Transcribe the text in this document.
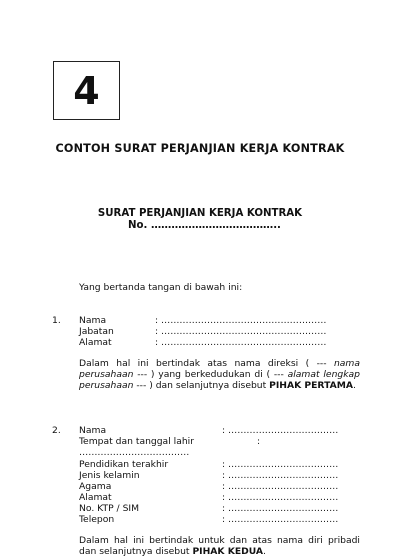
4
CONTOH SURAT PERJANJIAN KERJA KONTRAK
SURAT PERJANJIAN KERJA KONTRAK
No. ………………………………..
Yang bertanda tangan di bawah ini:
1. Nama	: ………………………………………………
Jabatan	: ………………………………………………
Alamat	: ………………………………………………
Dalam hal ini bertindak atas nama direksi ( --- nama perusahaan --- ) yang berkedudukan di ( --- alamat lengkap perusahaan --- ) dan selanjutnya disebut PIHAK PERTAMA.
2. Nama	: ………………………………
Tempat dan tanggal lahir	:
………………………………
Pendidikan terakhir	: ………………………………
Jenis kelamin	: ………………………………
Agama	: ………………………………
Alamat	: ………………………………
No. KTP / SIM	: ………………………………
Telepon	: ………………………………
Dalam hal ini bertindak untuk dan atas nama diri pribadi dan selanjutnya disebut PIHAK KEDUA.
